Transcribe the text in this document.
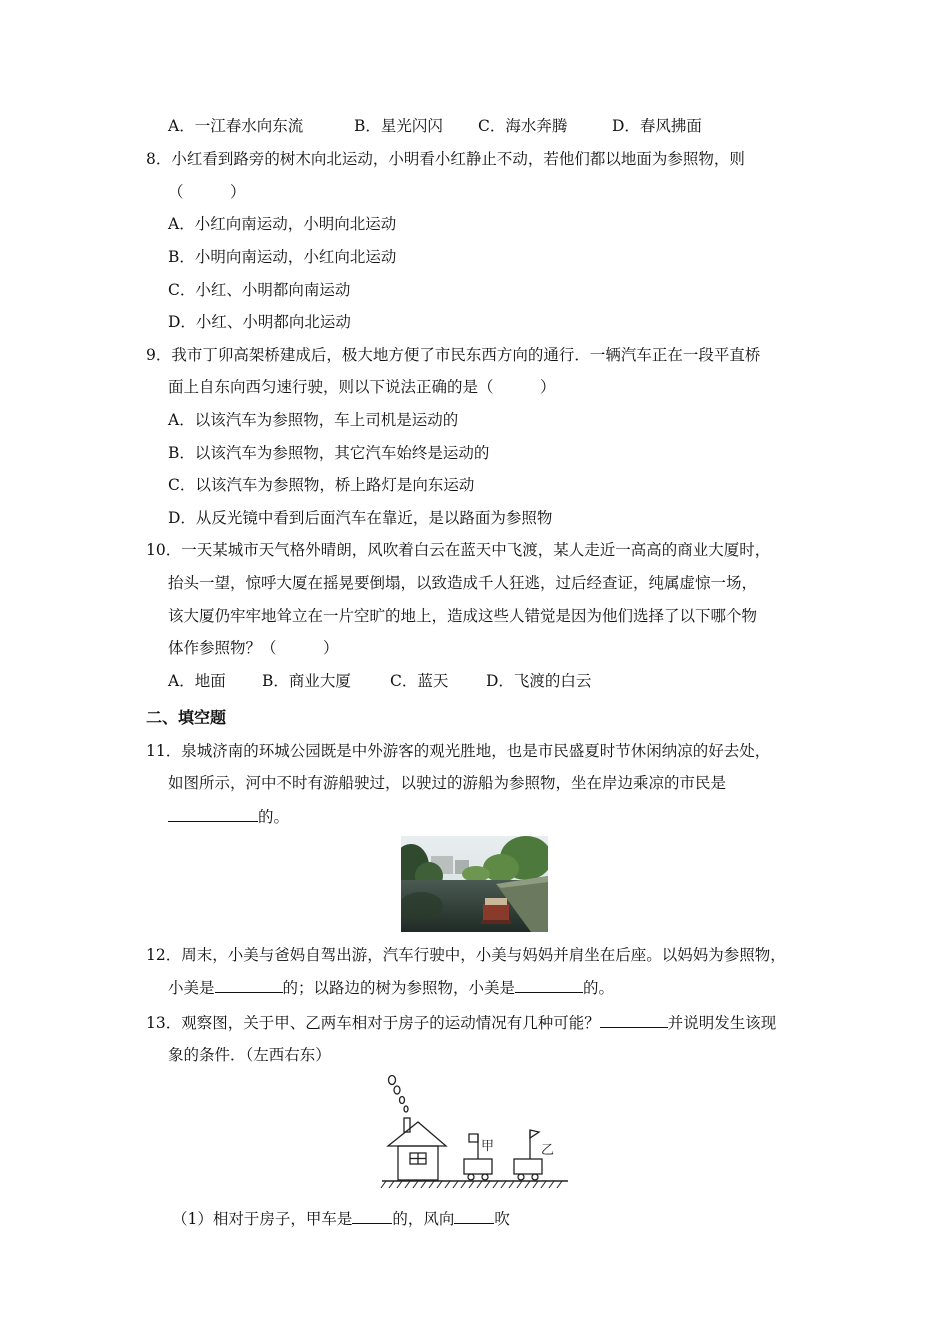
A．一江春水向东流	B．星光闪闪 C．海水奔腾	D．春风拂面
8．小红看到路旁的树木向北运动，小明看小红静止不动，若他们都以地面为参照物，则
（　　　）
A．小红向南运动，小明向北运动
B．小明向南运动，小红向北运动
C．小红、小明都向南运动
D．小红、小明都向北运动
9．我市丁卯高架桥建成后，极大地方便了市民东西方向的通行．一辆汽车正在一段平直桥
面上自东向西匀速行驶，则以下说法正确的是（　　　）
A．以该汽车为参照物，车上司机是运动的
B．以该汽车为参照物，其它汽车始终是运动的
C．以该汽车为参照物，桥上路灯是向东运动
D．从反光镜中看到后面汽车在靠近，是以路面为参照物
10．一天某城市天气格外晴朗，风吹着白云在蓝天中飞渡，某人走近一高高的商业大厦时，
抬头一望，惊呼大厦在摇晃要倒塌，以致造成千人狂逃，过后经查证，纯属虚惊一场，
该大厦仍牢牢地耸立在一片空旷的地上，造成这些人错觉是因为他们选择了以下哪个物
体作参照物？（　　　）
A．地面 B．商业大厦	C．蓝天 D．飞渡的白云
二、填空题
11．泉城济南的环城公园既是中外游客的观光胜地，也是市民盛夏时节休闲纳凉的好去处，
如图所示，河中不时有游船驶过，以驶过的游船为参照物，坐在岸边乘凉的市民是
的。
12．周末，小美与爸妈自驾出游，汽车行驶中，小美与妈妈并肩坐在后座。以妈妈为参照物，
小美是	的；以路边的树为参照物，小美是	的。
13．观察图，关于甲、乙两车相对于房子的运动情况有几种可能？	并说明发生该现
象的条件．（左西右东）
甲	乙
（1）相对于房子，甲车是	的，风向	吹
